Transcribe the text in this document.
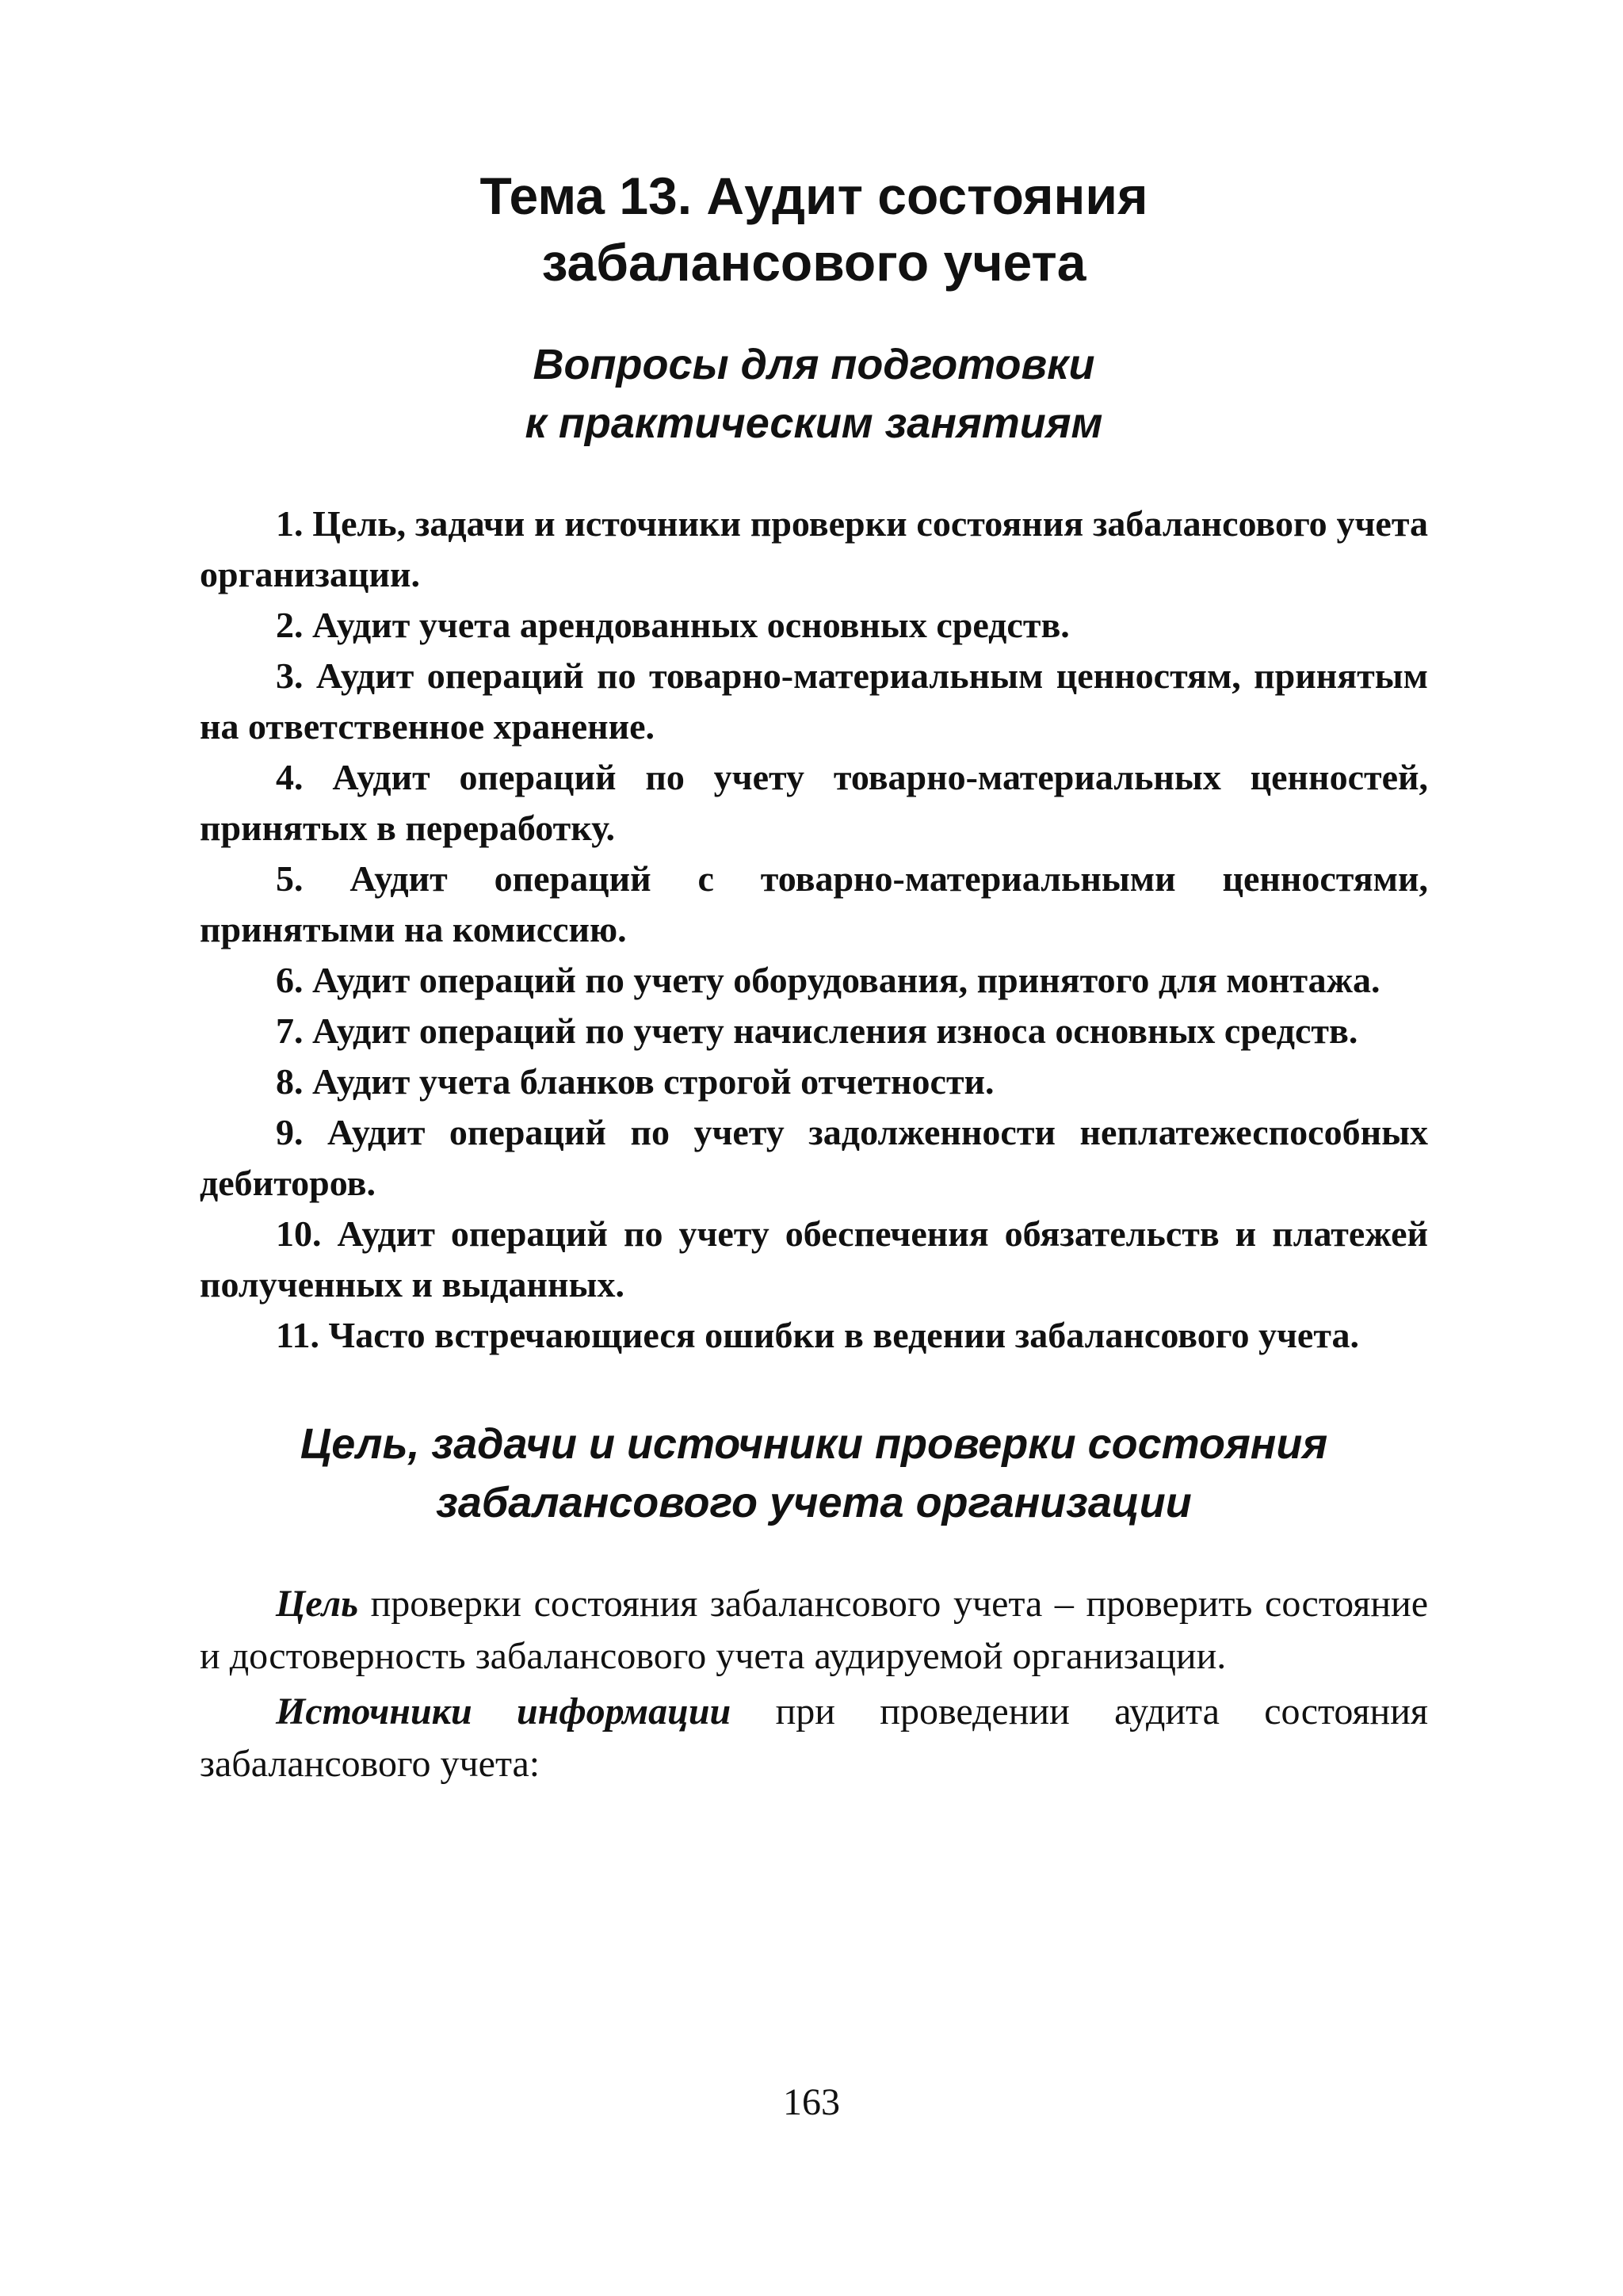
Тема 13. Аудит состояния
забалансового учета
Вопросы для подготовки
к практическим занятиям

1. Цель, задачи и источники проверки состояния забалансового учета организации.

2. Аудит учета арендованных основных средств.

3. Аудит операций по товарно-материальным ценностям, принятым на ответственное хранение.

4. Аудит операций по учету товарно-материальных ценностей, принятых в переработку.

5. Аудит операций с товарно-материальными ценностями, принятыми на комиссию.

6. Аудит операций по учету оборудования, принятого для монтажа.

7. Аудит операций по учету начисления износа основных средств.

8. Аудит учета бланков строгой отчетности.

9. Аудит операций по учету задолженности неплатежеспособных дебиторов.

10. Аудит операций по учету обеспечения обязательств и платежей полученных и выданных.

11. Часто встречающиеся ошибки в ведении забалансового учета.

Цель, задачи и источники проверки состояния
забалансового учета организации

Цель проверки состояния забалансового учета – проверить состояние и достоверность забалансового учета аудируемой организации.

Источники информации при проведении аудита состояния забалансового учета:

163
